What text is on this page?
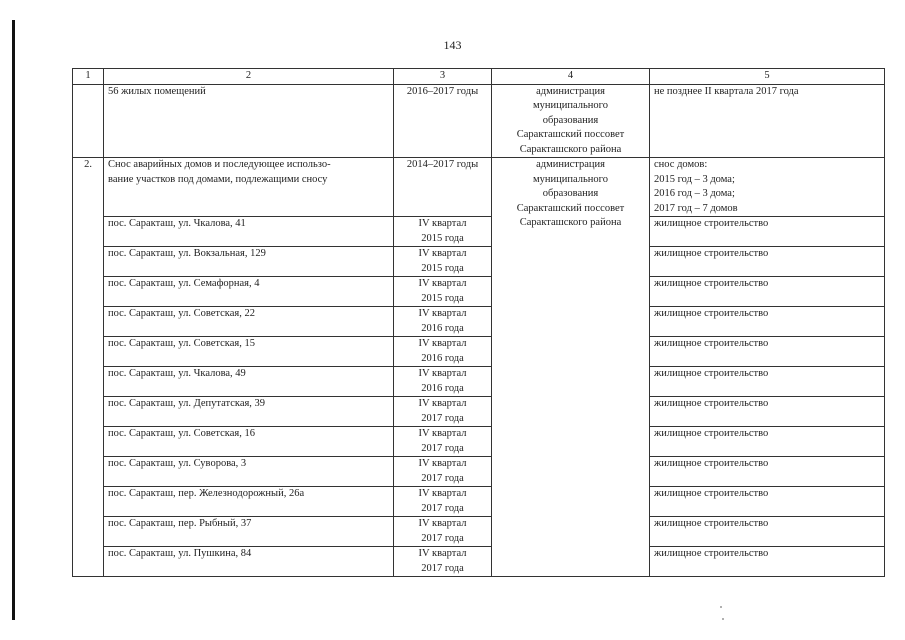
143
1	2	3	4	5
	56 жилых помещений	2016–2017 годы	администрация
муниципального
образования
Саракташский поссовет
Саракташского района	не позднее II квартала 2017 года
2.	Снос аварийных домов и последующее использо-
вание участков под домами, подлежащими сносу	2014–2017 годы	администрация
муниципального
образования
Саракташский поссовет
Саракташского района	снос домов:
2015 год – 3 дома;
2016 год – 3 дома;
2017 год – 7 домов
	пос. Саракташ, ул. Чкалова, 41	IV квартал
2015 года		жилищное строительство
	пос. Саракташ, ул. Вокзальная, 129	IV квартал
2015 года		жилищное строительство
	пос. Саракташ, ул. Семафорная, 4	IV квартал
2015 года		жилищное строительство
	пос. Саракташ, ул. Советская, 22	IV квартал
2016 года		жилищное строительство
	пос. Саракташ, ул. Советская, 15	IV квартал
2016 года		жилищное строительство
	пос. Саракташ, ул. Чкалова, 49	IV квартал
2016 года		жилищное строительство
	пос. Саракташ, ул. Депутатская, 39	IV квартал
2017 года		жилищное строительство
	пос. Саракташ, ул. Советская, 16	IV квартал
2017 года		жилищное строительство
	пос. Саракташ, ул. Суворова, 3	IV квартал
2017 года		жилищное строительство
	пос. Саракташ, пер. Железнодорожный, 26а	IV квартал
2017 года		жилищное строительство
	пос. Саракташ, пер. Рыбный, 37	IV квартал
2017 года		жилищное строительство
	пос. Саракташ, ул. Пушкина, 84	IV квартал
2017 года		жилищное строительство
